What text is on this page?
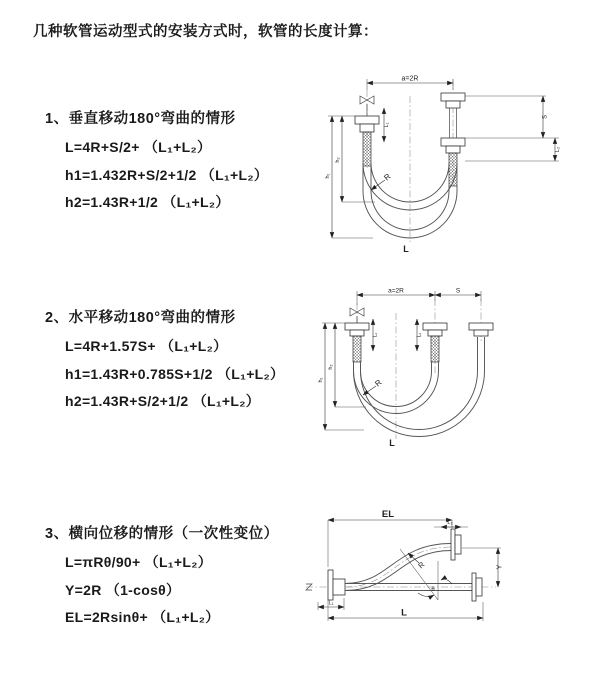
几种软管运动型式的安装方式时，软管的长度计算：
1、垂直移动180°弯曲的情形

L=4R+S/2+ （L₁+L₂）

h1=1.432R+S/2+1/2 （L₁+L₂）

h2=1.43R+1/2 （L₁+L₂）

a=2R
L₁
S
L₂
h₁
h₂
R
L
2、水平移动180°弯曲的情形

L=4R+1.57S+ （L₁+L₂）

h1=1.43R+0.785S+1/2 （L₁+L₂）

h2=1.43R+S/2+1/2 （L₁+L₂）

a=2R	S
L₁	L₂
h₁
h₂
R
L
3、横向位移的情形（一次性变位）

L=πRθ/90+ （L₁+L₂）

Y=2R （1-cosθ）

EL=2Rsinθ+ （L₁+L₂）

EL
L₂
Y
θ
R
L₁
L
